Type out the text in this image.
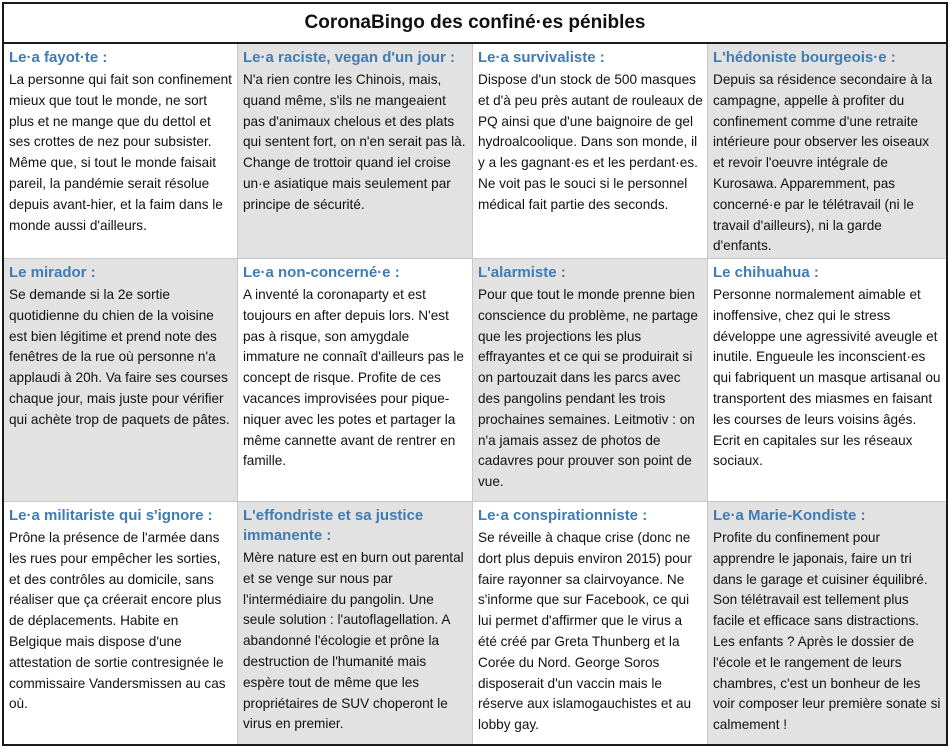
CoronaBingo des confiné·es pénibles
Le·a fayot·te :
La personne qui fait son confinement mieux que tout le monde, ne sort plus et ne mange que du dettol et ses crottes de nez pour subsister. Même que, si tout le monde faisait pareil, la pandémie serait résolue depuis avant-hier, et la faim dans le monde aussi d'ailleurs.
Le·a raciste, vegan d'un jour :
N'a rien contre les Chinois, mais, quand même, s'ils ne mangeaient pas d'animaux chelous et des plats qui sentent fort, on n'en serait pas là. Change de trottoir quand iel croise un·e asiatique mais seulement par principe de sécurité.
Le·a survivaliste :
Dispose d'un stock de 500 masques et d'à peu près autant de rouleaux de PQ ainsi que d'une baignoire de gel hydroalcoolique. Dans son monde, il y a les gagnant·es et les perdant·es. Ne voit pas le souci si le personnel médical fait partie des seconds.
L'hédoniste bourgeois·e :
Depuis sa résidence secondaire à la campagne, appelle à profiter du confinement comme d'une retraite intérieure pour observer les oiseaux et revoir l'oeuvre intégrale de Kurosawa. Apparemment, pas concerné·e par le télétravail (ni le travail d'ailleurs), ni la garde d'enfants.
Le mirador :
Se demande si la 2e sortie quotidienne du chien de la voisine est bien légitime et prend note des fenêtres de la rue où personne n'a applaudi à 20h. Va faire ses courses chaque jour, mais juste pour vérifier qui achète trop de paquets de pâtes.
Le·a non-concerné·e :
A inventé la coronaparty et est toujours en after depuis lors. N'est pas à risque, son amygdale immature ne connaît d'ailleurs pas le concept de risque. Profite de ces vacances improvisées pour pique-niquer avec les potes et partager la même cannette avant de rentrer en famille.
L'alarmiste :
Pour que tout le monde prenne bien conscience du problème, ne partage que les projections les plus effrayantes et ce qui se produirait si on partouzait dans les parcs avec des pangolins pendant les trois prochaines semaines. Leitmotiv : on n'a jamais assez de photos de cadavres pour prouver son point de vue.
Le chihuahua :
Personne normalement aimable et inoffensive, chez qui le stress développe une agressivité aveugle et inutile. Engueule les inconscient·es qui fabriquent un masque artisanal ou transportent des miasmes en faisant les courses de leurs voisins âgés. Ecrit en capitales sur les réseaux sociaux.
Le·a militariste qui s'ignore :
Prône la présence de l'armée dans les rues pour empêcher les sorties, et des contrôles au domicile, sans réaliser que ça créerait encore plus de déplacements. Habite en Belgique mais dispose d'une attestation de sortie contresignée le commissaire Vandersmissen au cas où.
L'effondriste et sa justice immanente :
Mère nature est en burn out parental et se venge sur nous par l'intermédiaire du pangolin. Une seule solution : l'autoflagellation. A abandonné l'écologie et prône la destruction de l'humanité mais espère tout de même que les propriétaires de SUV choperont le virus en premier.
Le·a conspirationniste :
Se réveille à chaque crise (donc ne dort plus depuis environ 2015) pour faire rayonner sa clairvoyance. Ne s'informe que sur Facebook, ce qui lui permet d'affirmer que le virus a été créé par Greta Thunberg et la Corée du Nord. George Soros disposerait d'un vaccin mais le réserve aux islamogauchistes et au lobby gay.
Le·a Marie-Kondiste :
Profite du confinement pour apprendre le japonais, faire un tri dans le garage et cuisiner équilibré. Son télétravail est tellement plus facile et efficace sans distractions. Les enfants ? Après le dossier de l'école et le rangement de leurs chambres, c'est un bonheur de les voir composer leur première sonate si calmement !
